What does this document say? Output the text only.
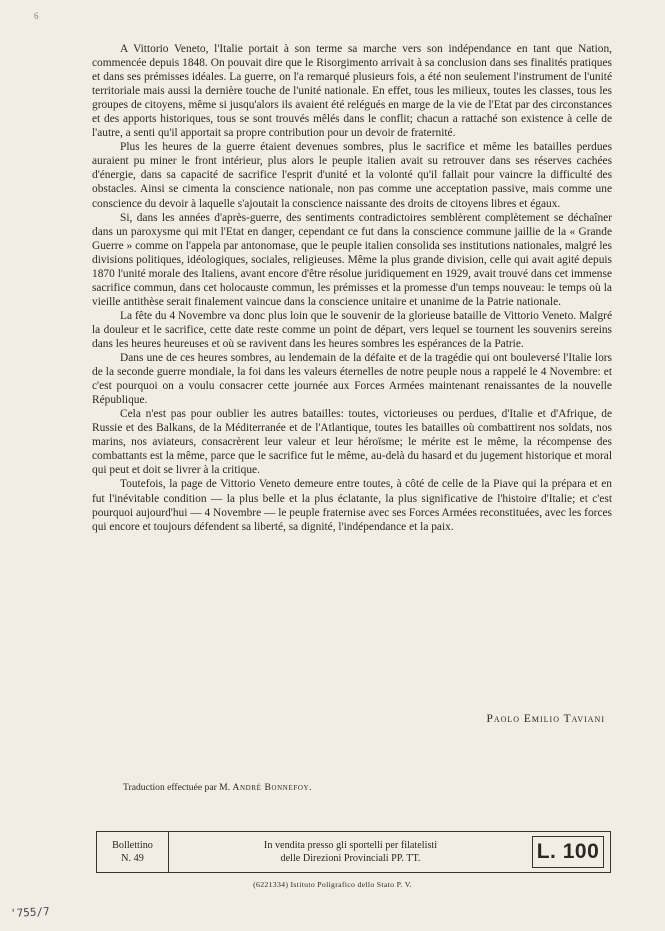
6

A Vittorio Veneto, l'Italie portait à son terme sa marche vers son indépendance en tant que Nation, commencée depuis 1848. On pouvait dire que le Risorgimento arrivait à sa conclusion dans ses finalités pratiques et dans ses prémisses idéales. La guerre, on l'a remarqué plusieurs fois, a été non seulement l'instrument de l'unité territoriale mais aussi la dernière touche de l'unité nationale. En effet, tous les milieux, toutes les classes, tous les groupes de citoyens, même si jusqu'alors ils avaient été relégués en marge de la vie de l'Etat par des circonstances et des apports historiques, tous se sont trouvés mêlés dans le conflit; chacun a rattaché son existence à celle de l'autre, a senti qu'il apportait sa propre contribution pour un devoir de fraternité.

Plus les heures de la guerre étaient devenues sombres, plus le sacrifice et même les batailles perdues auraient pu miner le front intérieur, plus alors le peuple italien avait su retrouver dans ses réserves cachées d'énergie, dans sa capacité de sacrifice l'esprit d'unité et la volonté qu'il fallait pour vaincre la difficulté des obstacles. Ainsi se cimenta la conscience nationale, non pas comme une acceptation passive, mais comme une conscience du devoir à laquelle s'ajoutait la conscience naissante des droits de citoyens libres et égaux.

Si, dans les années d'après-guerre, des sentiments contradictoires semblèrent complètement se déchaîner dans un paroxysme qui mit l'Etat en danger, cependant ce fut dans la conscience commune jaillie de la « Grande Guerre » comme on l'appela par antonomase, que le peuple italien consolida ses institutions nationales, malgré les divisions politiques, idéologiques, sociales, religieuses. Même la plus grande division, celle qui avait agité depuis 1870 l'unité morale des Italiens, avant encore d'être résolue juridiquement en 1929, avait trouvé dans cet immense sacrifice commun, dans cet holocauste commun, les prémisses et la promesse d'un temps nouveau: le temps où la vieille antithèse serait finalement vaincue dans la conscience unitaire et unanime de la Patrie nationale.

La fête du 4 Novembre va donc plus loin que le souvenir de la glorieuse bataille de Vittorio Veneto. Malgré la douleur et le sacrifice, cette date reste comme un point de départ, vers lequel se tournent les souvenirs sereins dans les heures heureuses et où se ravivent dans les heures sombres les espérances de la Patrie.

Dans une de ces heures sombres, au lendemain de la défaite et de la tragédie qui ont bouleversé l'Italie lors de la seconde guerre mondiale, la foi dans les valeurs éternelles de notre peuple nous a rappelé le 4 Novembre: et c'est pourquoi on a voulu consacrer cette journée aux Forces Armées maintenant renaissantes de la nouvelle République.

Cela n'est pas pour oublier les autres batailles: toutes, victorieuses ou perdues, d'Italie et d'Afrique, de Russie et des Balkans, de la Méditerranée et de l'Atlantique, toutes les batailles où combattirent nos soldats, nos marins, nos aviateurs, consacrèrent leur valeur et leur héroïsme; le mérite est le même, la récompense des combattants est la même, parce que le sacrifice fut le même, au-delà du hasard et du jugement historique et moral qui peut et doit se livrer à la critique.

Toutefois, la page de Vittorio Veneto demeure entre toutes, à côté de celle de la Piave qui la prépara et en fut l'inévitable condition — la plus belle et la plus éclatante, la plus significative de l'histoire d'Italie; et c'est pourquoi aujourd'hui — 4 Novembre — le peuple fraternise avec ses Forces Armées reconstituées, avec les forces qui encore et toujours défendent sa liberté, sa dignité, l'indépendance et la paix.

Paolo Emilio Taviani
Traduction effectuée par M. André Bonnefoy.
Bollettino
N. 49
In vendita presso gli sportelli per filatelisti
delle Direzioni Provinciali PP. TT.	L. 100
(6221334) Istituto Poligrafico dello Stato P. V.
'755/7
